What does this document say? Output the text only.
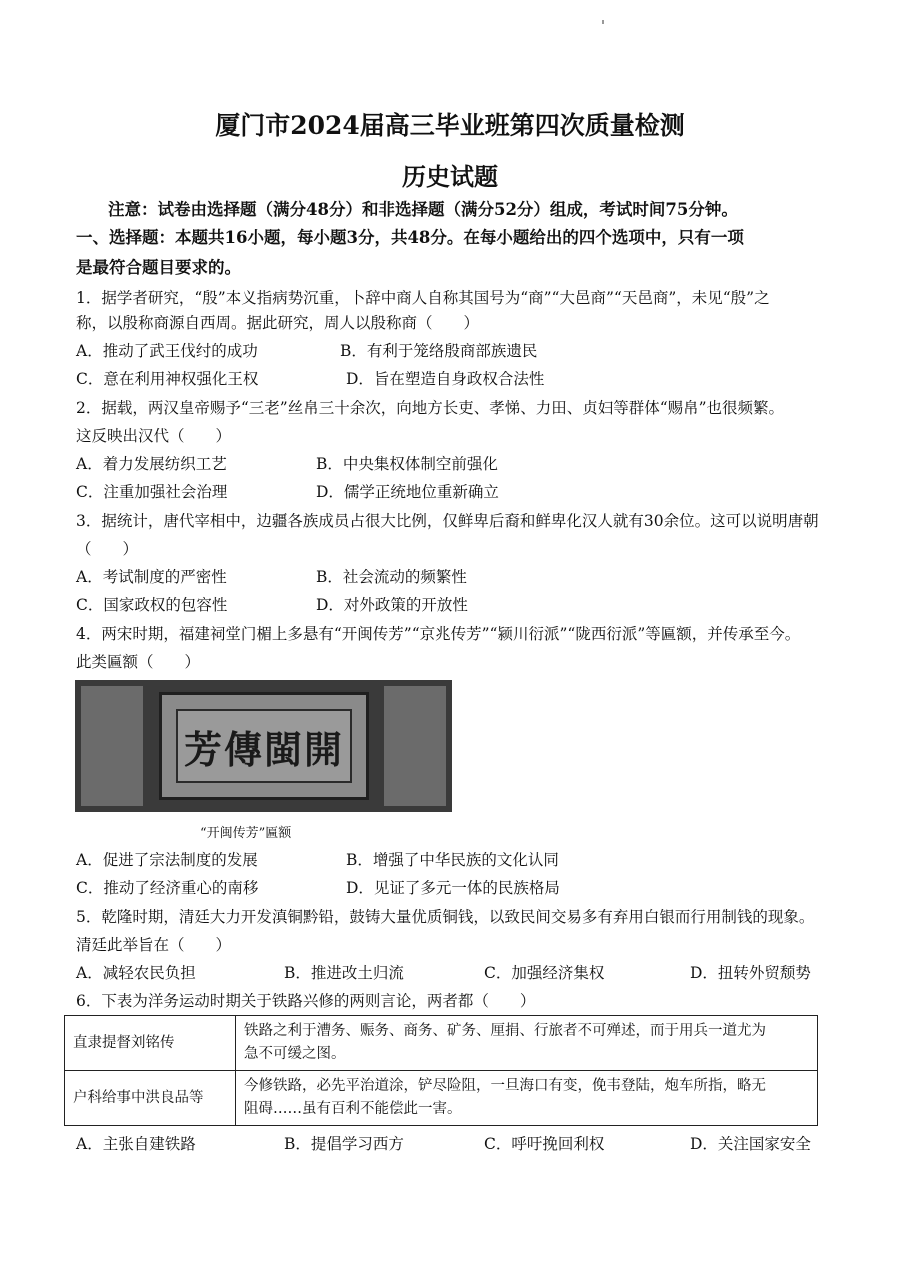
厦门市2024届高三毕业班第四次质量检测
历史试题
注意：试卷由选择题（满分48分）和非选择题（满分52分）组成，考试时间75分钟。
一、选择题：本题共16小题，每小题3分，共48分。在每小题给出的四个选项中，只有一项
是最符合题目要求的。
1．据学者研究，“殷”本义指病势沉重，卜辞中商人自称其国号为“商”“大邑商”“天邑商”，未见“殷”之
称，以殷称商源自西周。据此研究，周人以殷称商（　　）
A．推动了武王伐纣的成功	B．有利于笼络殷商部族遗民
C．意在利用神权强化王权	D．旨在塑造自身政权合法性
2．据载，两汉皇帝赐予“三老”丝帛三十余次，向地方长吏、孝悌、力田、贞妇等群体“赐帛”也很频繁。
这反映出汉代（　　）
A．着力发展纺织工艺	B．中央集权体制空前强化
C．注重加强社会治理	D．儒学正统地位重新确立
3．据统计，唐代宰相中，边疆各族成员占很大比例，仅鲜卑后裔和鲜卑化汉人就有30余位。这可以说明唐朝
（　　）
A．考试制度的严密性	B．社会流动的频繁性
C．国家政权的包容性	D．对外政策的开放性
4．两宋时期，福建祠堂门楣上多悬有“开闽传芳”“京兆传芳”“颍川衍派”“陇西衍派”等匾额，并传承至今。
此类匾额（　　）
芳傳閩開
“开闽传芳”匾额
A．促进了宗法制度的发展	B．增强了中华民族的文化认同
C．推动了经济重心的南移	D．见证了多元一体的民族格局
5．乾隆时期，清廷大力开发滇铜黔铅，鼓铸大量优质铜钱，以致民间交易多有弃用白银而行用制钱的现象。
清廷此举旨在（　　）
A．减轻农民负担	B．推进改土归流	C．加强经济集权	D．扭转外贸颓势
6．下表为洋务运动时期关于铁路兴修的两则言论，两者都（　　）
直隶提督刘铭传	铁路之利于漕务、赈务、商务、矿务、厘捐、行旅者不可殚述，而于用兵一道尤为
急不可缓之图。

户科给事中洪良品等	今修铁路，必先平治道涂，铲尽险阻，一旦海口有变，俛韦登陆，炮车所指，略无
阻碍……虽有百利不能偿此一害。
A．主张自建铁路	B．提倡学习西方	C．呼吁挽回利权	D．关注国家安全
